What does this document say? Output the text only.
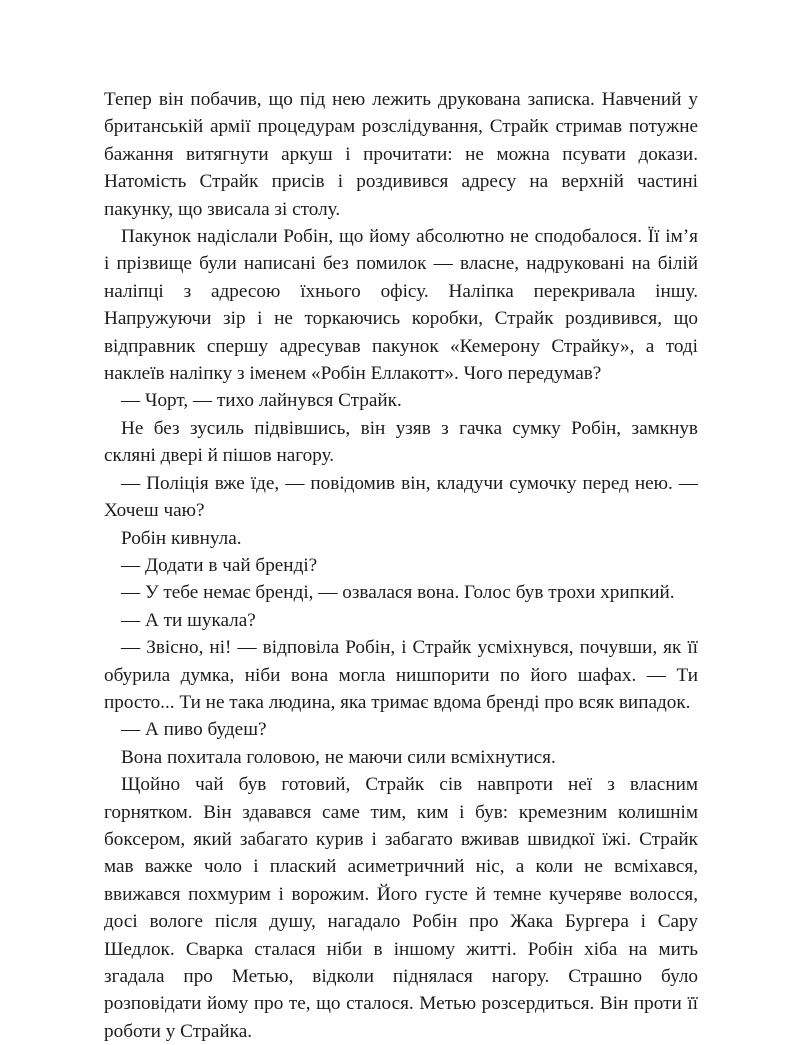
Тепер він побачив, що під нею лежить друкована записка. Навчений у британській армії процедурам розслідування, Страйк стримав потужне бажання витягнути аркуш і прочитати: не можна псувати докази. Натомість Страйк присів і роздивився адресу на верхній частині пакунку, що звисала зі столу.

Пакунок надіслали Робін, що йому абсолютно не сподобалося. Її ім’я і прізвище були написані без помилок — власне, надруковані на білій наліпці з адресою їхнього офісу. Наліпка перекривала іншу. Напружуючи зір і не торкаючись коробки, Страйк роздивився, що відправник спершу адресував пакунок «Кемерону Страйку», а тоді наклеїв наліпку з іменем «Робін Еллакотт». Чого передумав?

— Чорт, — тихо лайнувся Страйк.

Не без зусиль підвівшись, він узяв з гачка сумку Робін, замкнув скляні двері й пішов нагору.

— Поліція вже їде, — повідомив він, кладучи сумочку перед нею. — Хочеш чаю?

Робін кивнула.

— Додати в чай бренді?

— У тебе немає бренді, — озвалася вона. Голос був трохи хрипкий.

— А ти шукала?

— Звісно, ні! — відповіла Робін, і Страйк усміхнувся, почувши, як її обурила думка, ніби вона могла нишпорити по його шафах. — Ти просто... Ти не така людина, яка тримає вдома бренді про всяк випадок.

— А пиво будеш?

Вона похитала головою, не маючи сили всміхнутися.

Щойно чай був готовий, Страйк сів навпроти неї з власним горнятком. Він здавався саме тим, ким і був: кремезним колишнім боксером, який забагато курив і забагато вживав швидкої їжі. Страйк мав важке чоло і плаский асиметричний ніс, а коли не всміхався, ввижався похмурим і ворожим. Його густе й темне кучеряве волосся, досі вологе після душу, нагадало Робін про Жака Бургера і Сару Шедлок. Сварка сталася ніби в іншому житті. Робін хіба на мить згадала про Метью, відколи піднялася нагору. Страшно було розповідати йому про те, що сталося. Метью розсердиться. Він проти її роботи у Страйка.
